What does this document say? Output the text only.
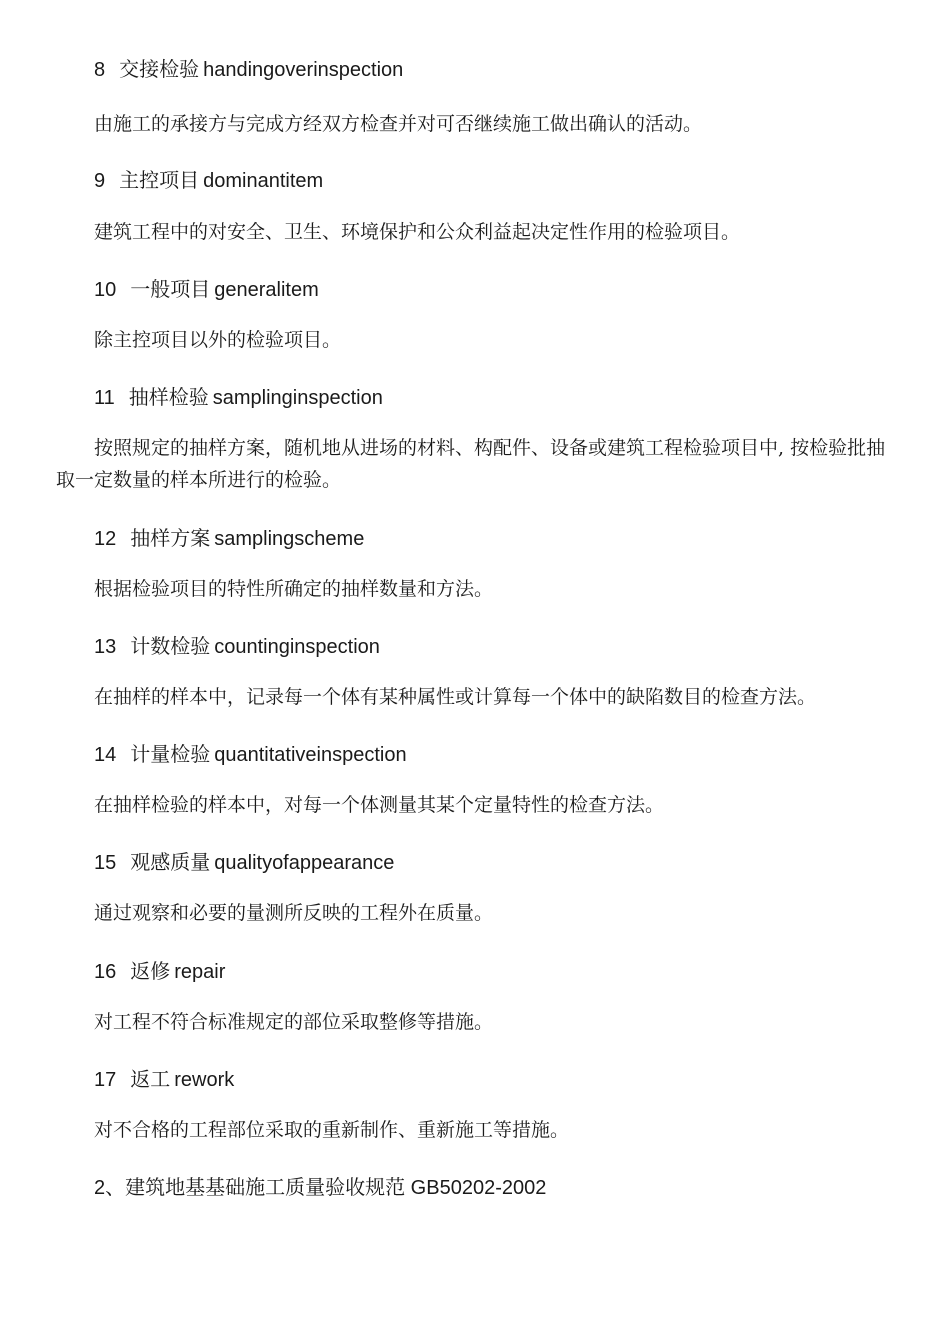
8 交接检验 handingoverinspection
由施工的承接方与完成方经双方检查并对可否继续施工做出确认的活动。
9 主控项目 dominantitem
建筑工程中的对安全、卫生、环境保护和公众利益起决定性作用的检验项目。
10 一般项目 generalitem
除主控项目以外的检验项目。
11 抽样检验 samplinginspection
按照规定的抽样方案，随机地从进场的材料、构配件、设备或建筑工程检验项目中, 按检验批抽取一定数量的样本所进行的检验。
12 抽样方案 samplingscheme
根据检验项目的特性所确定的抽样数量和方法。
13 计数检验 countinginspection
在抽样的样本中，记录每一个体有某种属性或计算每一个体中的缺陷数目的检查方法。
14 计量检验 quantitativeinspection
在抽样检验的样本中，对每一个体测量其某个定量特性的检查方法。
15 观感质量 qualityofappearance
通过观察和必要的量测所反映的工程外在质量。
16 返修 repair
对工程不符合标准规定的部位采取整修等措施。
17 返工 rework
对不合格的工程部位采取的重新制作、重新施工等措施。
2、建筑地基基础施工质量验收规范 GB50202-2002
